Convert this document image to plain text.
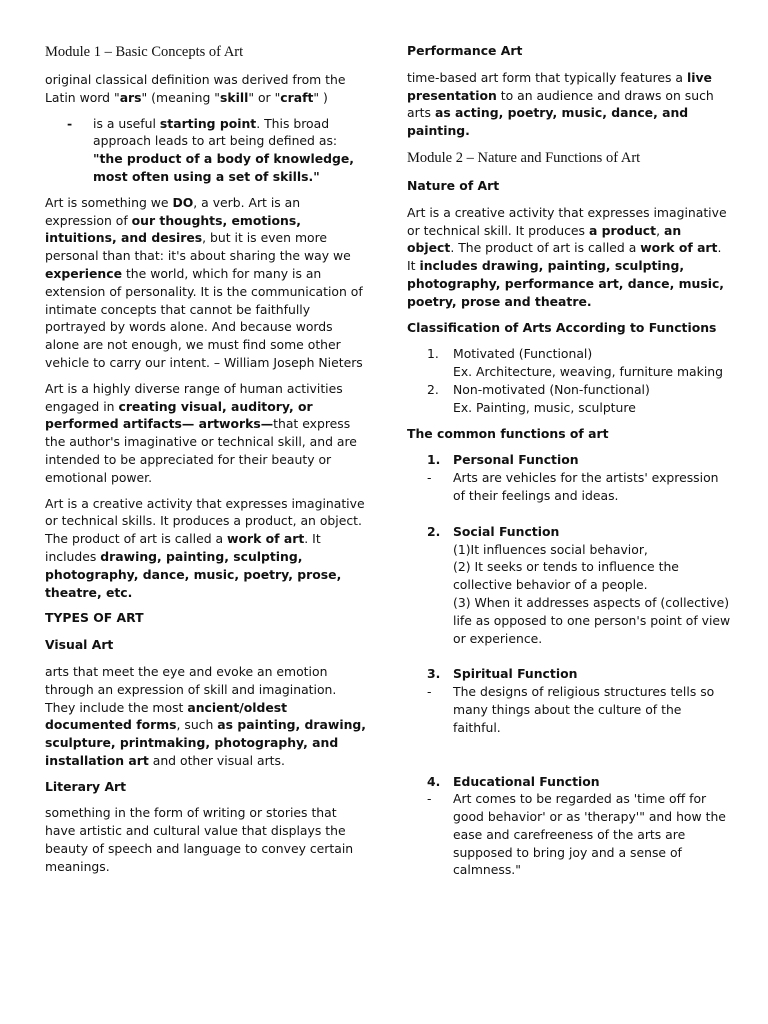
Module 1 – Basic Concepts of Art

original classical definition was derived from the Latin word "ars" (meaning "skill" or "craft" )

-	is a useful starting point. This broad approach leads to art being defined as: "the product of a body of knowledge, most often using a set of skills."

Art is something we DO, a verb. Art is an expression of our thoughts, emotions, intuitions, and desires, but it is even more personal than that: it's about sharing the way we experience the world, which for many is an extension of personality. It is the communication of intimate concepts that cannot be faithfully portrayed by words alone. And because words alone are not enough, we must find some other vehicle to carry our intent. – William Joseph Nieters

Art is a highly diverse range of human activities engaged in creating visual, auditory, or performed artifacts— artworks—that express the author's imaginative or technical skill, and are intended to be appreciated for their beauty or emotional power.

Art is a creative activity that expresses imaginative or technical skills. It produces a product, an object. The product of art is called a work of art. It includes drawing, painting, sculpting, photography, dance, music, poetry, prose, theatre, etc.

TYPES OF ART

Visual Art

arts that meet the eye and evoke an emotion through an expression of skill and imagination. They include the most ancient/oldest documented forms, such as painting, drawing, sculpture, printmaking, photography, and installation art and other visual arts.

Literary Art

something in the form of writing or stories that have artistic and cultural value that displays the beauty of speech and language to convey certain meanings.

Performance Art

time-based art form that typically features a live presentation to an audience and draws on such arts as acting, poetry, music, dance, and painting.

Module 2 – Nature and Functions of Art

Nature of Art

Art is a creative activity that expresses imaginative or technical skill. It produces a product, an object. The product of art is called a work of art. It includes drawing, painting, sculpting, photography, performance art, dance, music, poetry, prose and theatre.

Classification of Arts According to Functions

1.	Motivated (Functional)
Ex. Architecture, weaving, furniture making
2.	Non-motivated (Non-functional)
Ex. Painting, music, sculpture

The common functions of art

1.	Personal Function
-	Arts are vehicles for the artists' expression of their feelings and ideas.
2.	Social Function
(1)It influences social behavior,
(2) It seeks or tends to influence the collective behavior of a people.
(3) When it addresses aspects of (collective) life as opposed to one person's point of view or experience.
3.	Spiritual Function
-	The designs of religious structures tells so many things about the culture of the faithful.
4.	Educational Function
-	Art comes to be regarded as 'time off for good behavior' or as 'therapy'" and how the ease and carefreeness of the arts are supposed to bring joy and a sense of calmness."
